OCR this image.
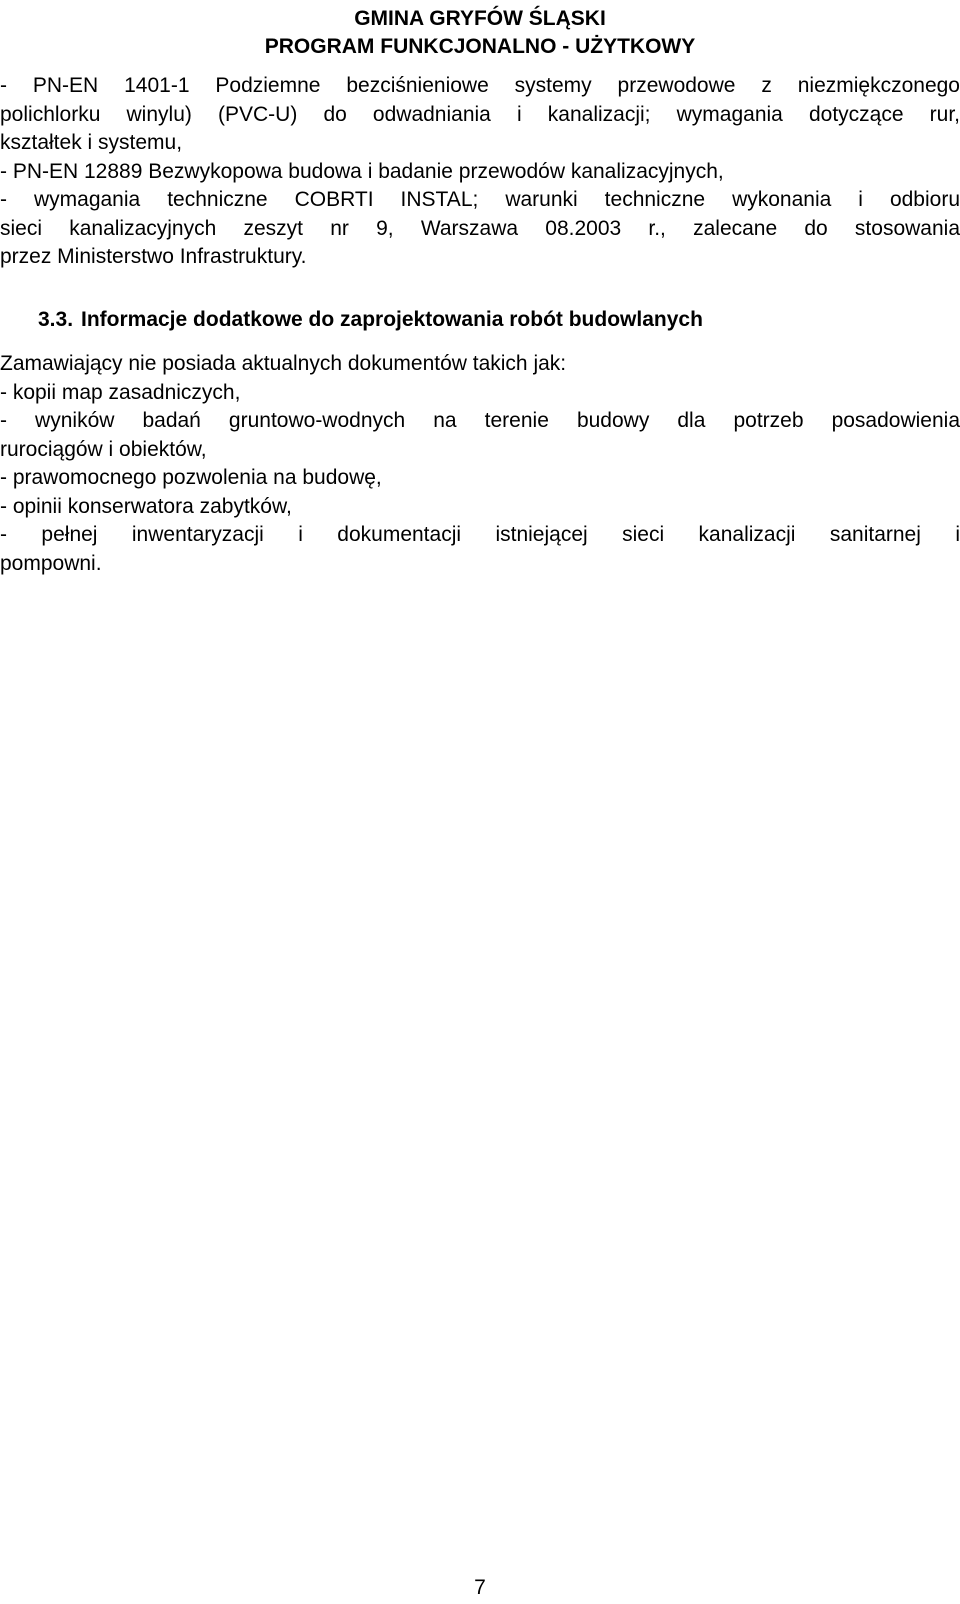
GMINA GRYFÓW ŚLĄSKI
PROGRAM FUNKCJONALNO - UŻYTKOWY

- PN-EN 1401-1 Podziemne bezciśnieniowe systemy przewodowe z niezmiękczonego

polichlorku winylu) (PVC-U) do odwadniania i kanalizacji; wymagania dotyczące rur,

kształtek i systemu,

- PN-EN 12889 Bezwykopowa budowa i badanie przewodów kanalizacyjnych,

- wymagania techniczne COBRTI INSTAL; warunki techniczne wykonania i odbioru

sieci kanalizacyjnych zeszyt nr 9, Warszawa 08.2003 r., zalecane do stosowania

przez Ministerstwo Infrastruktury.

3.3. Informacje dodatkowe do zaprojektowania robót budowlanych

Zamawiający nie posiada aktualnych dokumentów takich jak:

- kopii map zasadniczych,

- wyników badań gruntowo-wodnych na terenie budowy dla potrzeb posadowienia

rurociągów i obiektów,

- prawomocnego pozwolenia na budowę,

- opinii konserwatora zabytków,

- pełnej inwentaryzacji i dokumentacji istniejącej sieci kanalizacji sanitarnej i

pompowni.

7
